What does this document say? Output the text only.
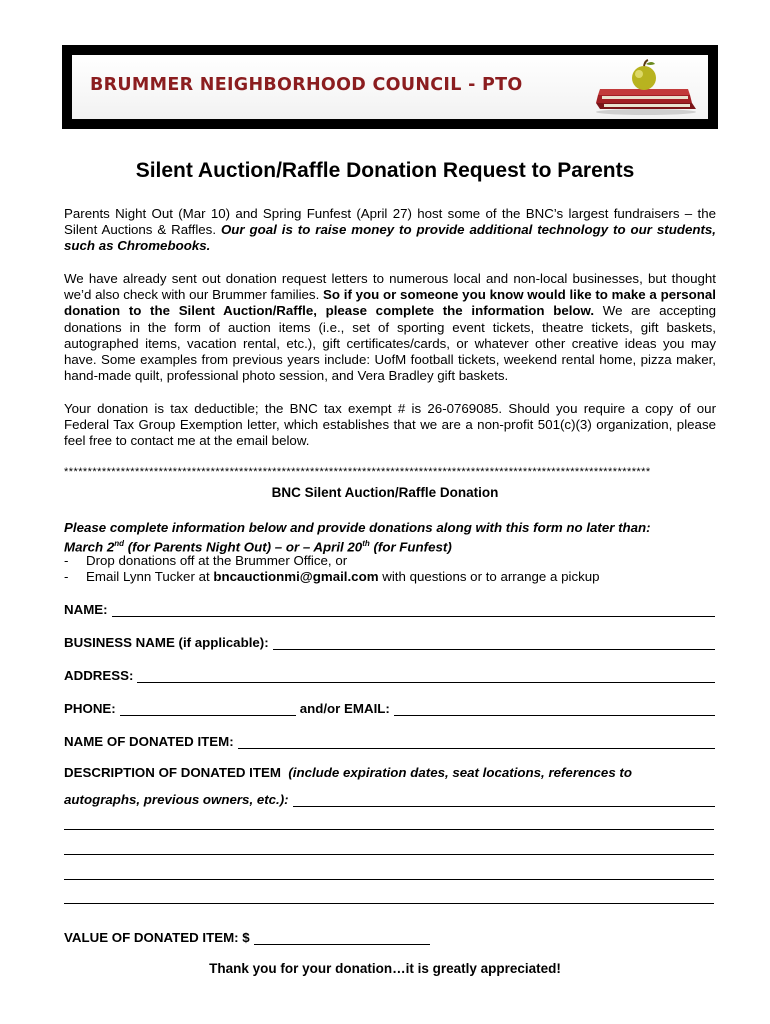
BRUMMER NEIGHBORHOOD COUNCIL - PTO
Silent Auction/Raffle Donation Request to Parents

Parents Night Out (Mar 10) and Spring Funfest (April 27) host some of the BNC’s largest fundraisers – the Silent Auctions & Raffles. Our goal is to raise money to provide additional technology to our students, such as Chromebooks.

We have already sent out donation request letters to numerous local and non-local businesses, but thought we’d also check with our Brummer families. So if you or someone you know would like to make a personal donation to the Silent Auction/Raffle, please complete the information below. We are accepting donations in the form of auction items (i.e., set of sporting event tickets, theatre tickets, gift baskets, autographed items, vacation rental, etc.), gift certificates/cards, or whatever other creative ideas you may have. Some examples from previous years include: UofM football tickets, weekend rental home, pizza maker, hand-made quilt, professional photo session, and Vera Bradley gift baskets.

Your donation is tax deductible; the BNC tax exempt # is 26-0769085. Should you require a copy of our Federal Tax Group Exemption letter, which establishes that we are a non-profit 501(c)(3) organization, please feel free to contact me at the email below.

****************************************************************************************************************************
BNC Silent Auction/Raffle Donation

Please complete information below and provide donations along with this form no later than:
March 2nd (for Parents Night Out) – or – April 20th (for Funfest)

- Drop donations off at the Brummer Office, or
- Email Lynn Tucker at bncauctionmi@gmail.com with questions or to arrange a pickup
NAME:
BUSINESS NAME (if applicable):
ADDRESS:
PHONE:	and/or EMAIL:
NAME OF DONATED ITEM:
DESCRIPTION OF DONATED ITEM (include expiration dates, seat locations, references to
autographs, previous owners, etc.):
VALUE OF DONATED ITEM: $
Thank you for your donation…it is greatly appreciated!
